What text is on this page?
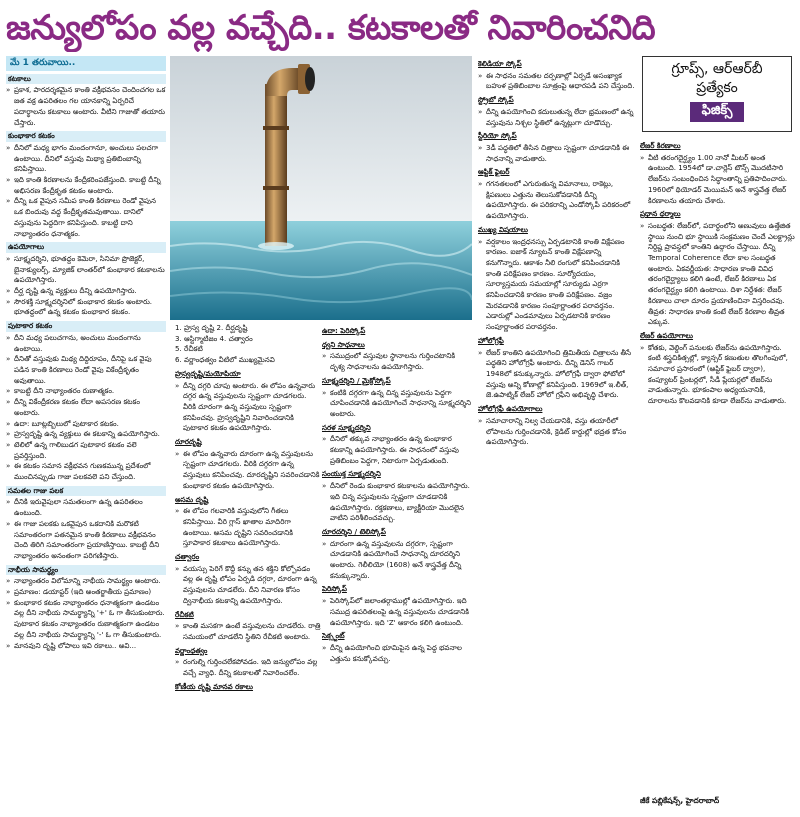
జన్యులోపం వల్ల వచ్చేది.. కటకాలతో నివారించనిది
మే 1 తరువాయి..
కటకాలు

» ప్రకాశ, పారదర్శకమైన కాంతి వక్రీభవనం చెందించగల ఒక జత వక్ర ఉపరితలం గల యానకాన్ని ఏర్పరిచే పదార్థాలను కటకాలు అంటారు. వీటిని గాజుతో తయారు చేస్తారు.

కుంభాకార కటకం

» దీనిలో మధ్య భాగం మందంగానూ, అంచులు పలచగా ఉంటాయి. దీనిలో వస్తువు మిథ్యా ప్రతిబింబాన్ని కనిపిస్తాయి.

» ఇది కాంతి కిరణాలను కేంద్రీకరింపజేస్తుంది. కాబట్టి దీన్ని అభిసరణ కేంద్రీకృత కటకం అంటారు.

» దీన్ని ఒక వైపున సమీప కాంతి కిరణాలు రెండో వైపున ఒక బిందువు వద్ద కేంద్రీకృతమవుతాయి. దానిలో వస్తువును పెద్దదిగా కనిపిస్తుంది. కాబట్టి దాని నాభ్యాంతరం ధనాత్మకం.

ఉపయోగాలు

» సూక్ష్మదర్శిని, భూతద్దం కెమెరా, సినిమా ప్రొజెక్టర్, బైనాక్యులర్స్, మ్యాజిక్ లాంతర్‌లో కుంభాకార కటకాలను ఉపయోగిస్తారు.

» దీర్ఘ దృష్టి ఉన్న వ్యక్తులు దీన్ని ఉపయోగిస్తారు.

» సౌరశక్తి సూక్ష్మదర్శినిలో కుంభాకార కటకం అంటారు. భూతద్దంలో ఉన్న కటకం కుంభాకార కటకం.

పుటాకార కటకం

» దీని మధ్య పలుచగాను, అంచులు మందంగాను ఉంటాయి.

» దీనితో వస్తువుకు మిథ్య దిద్దిరూపం, దీనిపై ఒక వైపు పడిన కాంతి కిరణాలు రెండో వైపు వికేంద్రీకృతం అవుతాయి.

» కాబట్టి దీని నాభ్యాంతరం రుణాత్మకం.

» దీన్ని వికేంద్రీకరణ కటకం లేదా అపసరణ కటకం అంటారు.

» ఉదా: బూట్లబ్బిలులో పుటాకార కటకం.

» హ్రస్వదృష్టి ఉన్న వ్యక్తులు ఈ కటకాన్ని ఉపయోగిస్తారు.

» టెలిలో ఉన్న గాలిబుడగ పుటాకార కటకం వలె ప్రవర్తిస్తుంది.

» ఈ కటకం సమాన వక్రీభవన గుణకమున్న ప్రదేశంలో ముంచినప్పుడు గాజు పలకవలె పని చేస్తుంది.

సమతల గాజు పలక

» దీనికి ఇరువైపులా సమతలంగా ఉన్న ఉపరితలం ఉంటుంది.

» ఈ గాజు పలకకు ఒకవైపున ఒకదానికి మరొకటి సమాంతరంగా పతనమైన కాంతి కిరణాలు వక్రీభవనం చెంది తిరిగి సమాంతరంగా ప్రయాణిస్తాయి. కాబట్టి దీని నాభ్యాంతరం అనంతంగా పరిగణిస్తారు.

నాభీయ సామర్థ్యం

» నాభ్యాంతరం విలోమాన్ని నాభీయ సామర్థ్యం అంటారు.

» ప్రమాణం: డయాప్టర్ (ఇది అంతర్జాతీయ ప్రమాణం)

» కుంభాకార కటకం నాభ్యాంతరం ధనాత్మకంగా ఉండటం వల్ల దీని నాభీయ సామర్థ్యాన్ని '+' ఓ గా తీసుకుంటారు. పుటాకార కటకం నాభ్యాంతరం రుణాత్మకంగా ఉండటం వల్ల దీని నాభీయ సామర్థ్యాన్ని '-' ఓ గా తీసుకుంటారు.

» మానవుని దృష్టి లోపాలు ఇవి రకాలు.. అవి...

1. హ్రస్వ దృష్టి 2. దీర్ఘదృష్టి

3. ఆస్టిగ్మాటిజం 4. చత్వారం

5. రేచీకటి

6. వర్ణాంధత్వం వీటిలో ముఖ్యమైనవి

హ్రస్వదృష్టి/మయోపియా

» దీన్ని దగ్గరి చూపు అంటారు. ఈ లోపం ఉన్నవారు దగ్గర ఉన్న వస్తువులను స్పష్టంగా చూడగలరు. వీరికి దూరంగా ఉన్న వస్తువులు స్పష్టంగా కనిపించవు. హ్రస్వదృష్టిని నివారించడానికి పుటాకార కటకం ఉపయోగిస్తారు.

దూరదృష్టి

» ఈ లోపం ఉన్నవారు దూరంగా ఉన్న వస్తువులను స్పష్టంగా చూడగలరు. వీరికి దగ్గరగా ఉన్న వస్తువులు కనిపించవు. దూరదృష్టిని సవరించడానికి కుంభాకార కటకం ఉపయోగిస్తారు.

అసమ దృష్టి

» ఈ లోపం గలవారికి వస్తువులోని గీతలు కనిపిస్తాయి. వీరి గ్లాస్ ఖాతాల మాదిరిగా ఉంటాయి. అసమ దృష్టిని సవరించడానికి స్తూపాకార కటకాలు ఉపయోగిస్తారు.

చత్వారం

» వయస్సు పెరిగే కొద్దీ కన్ను తన శక్తిని కోల్పోవడం వల్ల ఈ దృష్టి లోపం ఏర్పడి దగ్గరా, దూరంగా ఉన్న వస్తువులను చూడలేరు. దీని నివారణ కోసం ద్వినాభీయ కటకాన్ని ఉపయోగిస్తారు.

రేచీకటి

» కాంతి మసకగా ఉంటే వస్తువులను చూడలేరు. రాత్రి సమయంలో చూడలేని స్థితిని రేచీకటి అంటారు.

వర్ణాంధత్వం

» రంగుల్ని గుర్తించలేకపోవడం. ఇది జన్యులోపం వల్ల వచ్చే వ్యాధి. దీన్ని కటకాలతో నివారించలేం.

కోణీయ దృష్టి మానవ రకాలు
ఉదా: పెరిస్కోప్
ధ్వని సాధనాలు

» సముద్రంలో వస్తువుల స్థానాలను గుర్తించటానికి దృశ్య సాధనాలను ఉపయోగిస్తారు.

సూక్ష్మదర్శిని / మైక్రోస్కోప్

» కంటికి దగ్గరగా ఉన్న చిన్న వస్తువులను పెద్దగా చూపించడానికి ఉపయోగించే సాధనాన్ని సూక్ష్మదర్శిని అంటారు.

సరళ సూక్ష్మదర్శిని

» దీనిలో తక్కువ నాభ్యాంతరం ఉన్న కుంభాకార కటకాన్ని ఉపయోగిస్తారు. ఈ సాధనంలో వస్తువు ప్రతిబింబం పెద్దగా, నిటారుగా ఏర్పడుతుంది.

సంయుక్త సూక్ష్మదర్శిని

» దీనిలో రెండు కుంభాకార కటకాలను ఉపయోగిస్తారు. ఇది చిన్న వస్తువులను స్పష్టంగా చూడడానికి ఉపయోగిస్తారు. రక్తకణాలు, బ్యాక్టీరియా మొదలైన వాటిని పరిశీలించవచ్చు.

దూరదర్శిని / టెలిస్కోప్

» దూరంగా ఉన్న వస్తువులను దగ్గరగా, స్పష్టంగా చూడడానికి ఉపయోగించే సాధనాన్ని దూరదర్శిని అంటారు. గెలీలియో (1608) అనే శాస్త్రవేత్త దీన్ని కనుక్కున్నారు.

పెరిస్కోప్

» పెరిస్కోప్‌లో జలాంతర్గాముల్లో ఉపయోగిస్తారు. ఇది సముద్ర ఉపరితలంపై ఉన్న వస్తువులను చూడడానికి ఉపయోగిస్తారు. ఇది 'Z' ఆకారం కలిగి ఉంటుంది.

సెక్స్టంట్

» దీన్ని ఉపయోగించి భూమిపైన ఉన్న పెద్ద భవనాల ఎత్తును కనుక్కోవచ్చు.

కెలిడియా స్కోప్

» ఈ సాధనం సమతల దర్పణాల్లో ఏర్పడే అసంఖ్యాక బహుళ ప్రతిబింబాల సూత్రంపై ఆధారపడి పని చేస్తుంది.

స్ట్రోబో స్కోప్

» దీన్ని ఉపయోగించి కదులుతున్న లేదా భ్రమణంలో ఉన్న వస్తువును నిశ్చల స్థితిలో ఉన్నట్లుగా చూడొచ్చు.

స్టీరియో స్కోప్

» 3డీ పద్ధతిలో తీసిన చిత్రాలు స్పష్టంగా చూడడానికి ఈ సాధనాన్ని వాడుతారు.

ఆప్టిక్ ఫైబర్

» గగనతలంలో ఎగురుతున్న విమానాలు, రాకెట్లు, క్షిపణులు ఎత్తును తెలుసుకోవడానికి దీన్ని ఉపయోగిస్తారు. ఈ పరికరాన్ని ఎండోస్కోపీ పరికరంలో ఉపయోగిస్తారు.

ముఖ్య విషయాలు

» వర్షకాలం ఇంద్రధనస్సు ఏర్పడటానికి కాంతి విక్షేపణం కారణం. ఐజాక్ న్యూటన్ కాంతి విక్షేపణాన్ని కనుగొన్నారు. ఆకాశం నీలి రంగులో కనిపించడానికి కాంతి పరిక్షేపణం కారణం. సూర్యోదయం, సూర్యాస్తమయ సమయాల్లో సూర్యుడు ఎర్రగా కనిపించడానికి కారణం కాంతి పరిక్షేపణం. వజ్రం మెరవడానికి కారణం సంపూర్ణాంతర పరావర్తనం. ఎడారుల్లో ఎండమావులు ఏర్పడటానికి కారణం సంపూర్ణాంతర పరావర్తనం.

హోలోగ్రఫీ

» లేజర్ కాంతిని ఉపయోగించి త్రిమితీయ చిత్రాలను తీసే పద్ధతిని హోలోగ్రఫీ అంటారు. దీన్ని డెనిస్ గాబర్ 1948లో కనుక్కున్నారు. హోలోగ్రఫీ ద్వారా ఫోటోలో వస్తువు అన్ని కోణాల్లో కనిపిస్తుంది. 1969లో ఇ.లీత్, జె.ఉపాట్నిక్ లేజర్ హోలో గ్రఫీని అభివృద్ధి చేశారు.

హోలోగ్రఫీ ఉపయోగాలు

» సమాచారాన్ని నిల్వ చేయడానికి, వస్తు తయారీలో లోపాలను గుర్తించడానికి, క్రెడిట్ కార్డుల్లో భద్రత కోసం ఉపయోగిస్తారు.

గ్రూప్స్, ఆర్ఆర్‌బీ
ప్రత్యేకం
ఫిజిక్స్
లేజర్ కిరణాలు

» వీటి తరంగదైర్ఘ్యం 1.00 నానో మీటర్ అంత ఉంటుంది. 1954లో డా.చార్లెస్ టౌన్స్ మొదటిసారి లేజర్‌ను సంబంధించిన సిద్ధాంతాన్ని ప్రతిపాదించారు. 1960లో థియోడర్ మెయిమన్ అనే శాస్త్రవేత్త లేజర్ కిరణాలను తయారు చేశారు.

ప్రధాన ధర్మాలు

» సంబద్ధత: లేజర్‌లో, పదార్థంలోని అణువులు ఉత్తేజిత స్థాయి నుంచి భూ స్థాయికి సంక్రమణం చెందే ఎలక్ట్రాన్లు నిర్దిష్ట ప్రావస్థలో కాంతిని ఉద్గారం చేస్తాయి. దీన్ని Temporal Coherence లేదా కాల సంబద్ధత అంటారు. ఏకవర్ణీయత: సాధారణ కాంతి వివిధ తరంగదైర్ఘ్యాలు కలిగి ఉంటే, లేజర్ కిరణాలు ఏక తరంగదైర్ఘ్యం కలిగి ఉంటాయి. దిశా నిర్దేశత: లేజర్ కిరణాలు చాలా దూరం ప్రయాణించినా విస్తరించవు. తీవ్రత: సాధారణ కాంతి కంటే లేజర్ కిరణాల తీవ్రత ఎక్కువ.

లేజర్ ఉపయోగాలు

» కోతకు, వెల్డింగ్ పనులకు లేజర్‌ను ఉపయోగిస్తారు. కంటి శస్త్రచికిత్సల్లో, క్యాన్సర్ కణుతుల తొలగింపులో, సమాచార ప్రసారంలో (ఆప్టిక్ ఫైబర్ ద్వారా), కంప్యూటర్ ప్రింటర్లలో, సీడీ ప్లేయర్లలో లేజర్‌ను వాడుతున్నారు. భూకంపాల అధ్యయనానికి, దూరాలను కొలవడానికి కూడా లేజర్‌ను వాడుతారు.

జీకే పబ్లికేషన్స్, హైదరాబాద్
